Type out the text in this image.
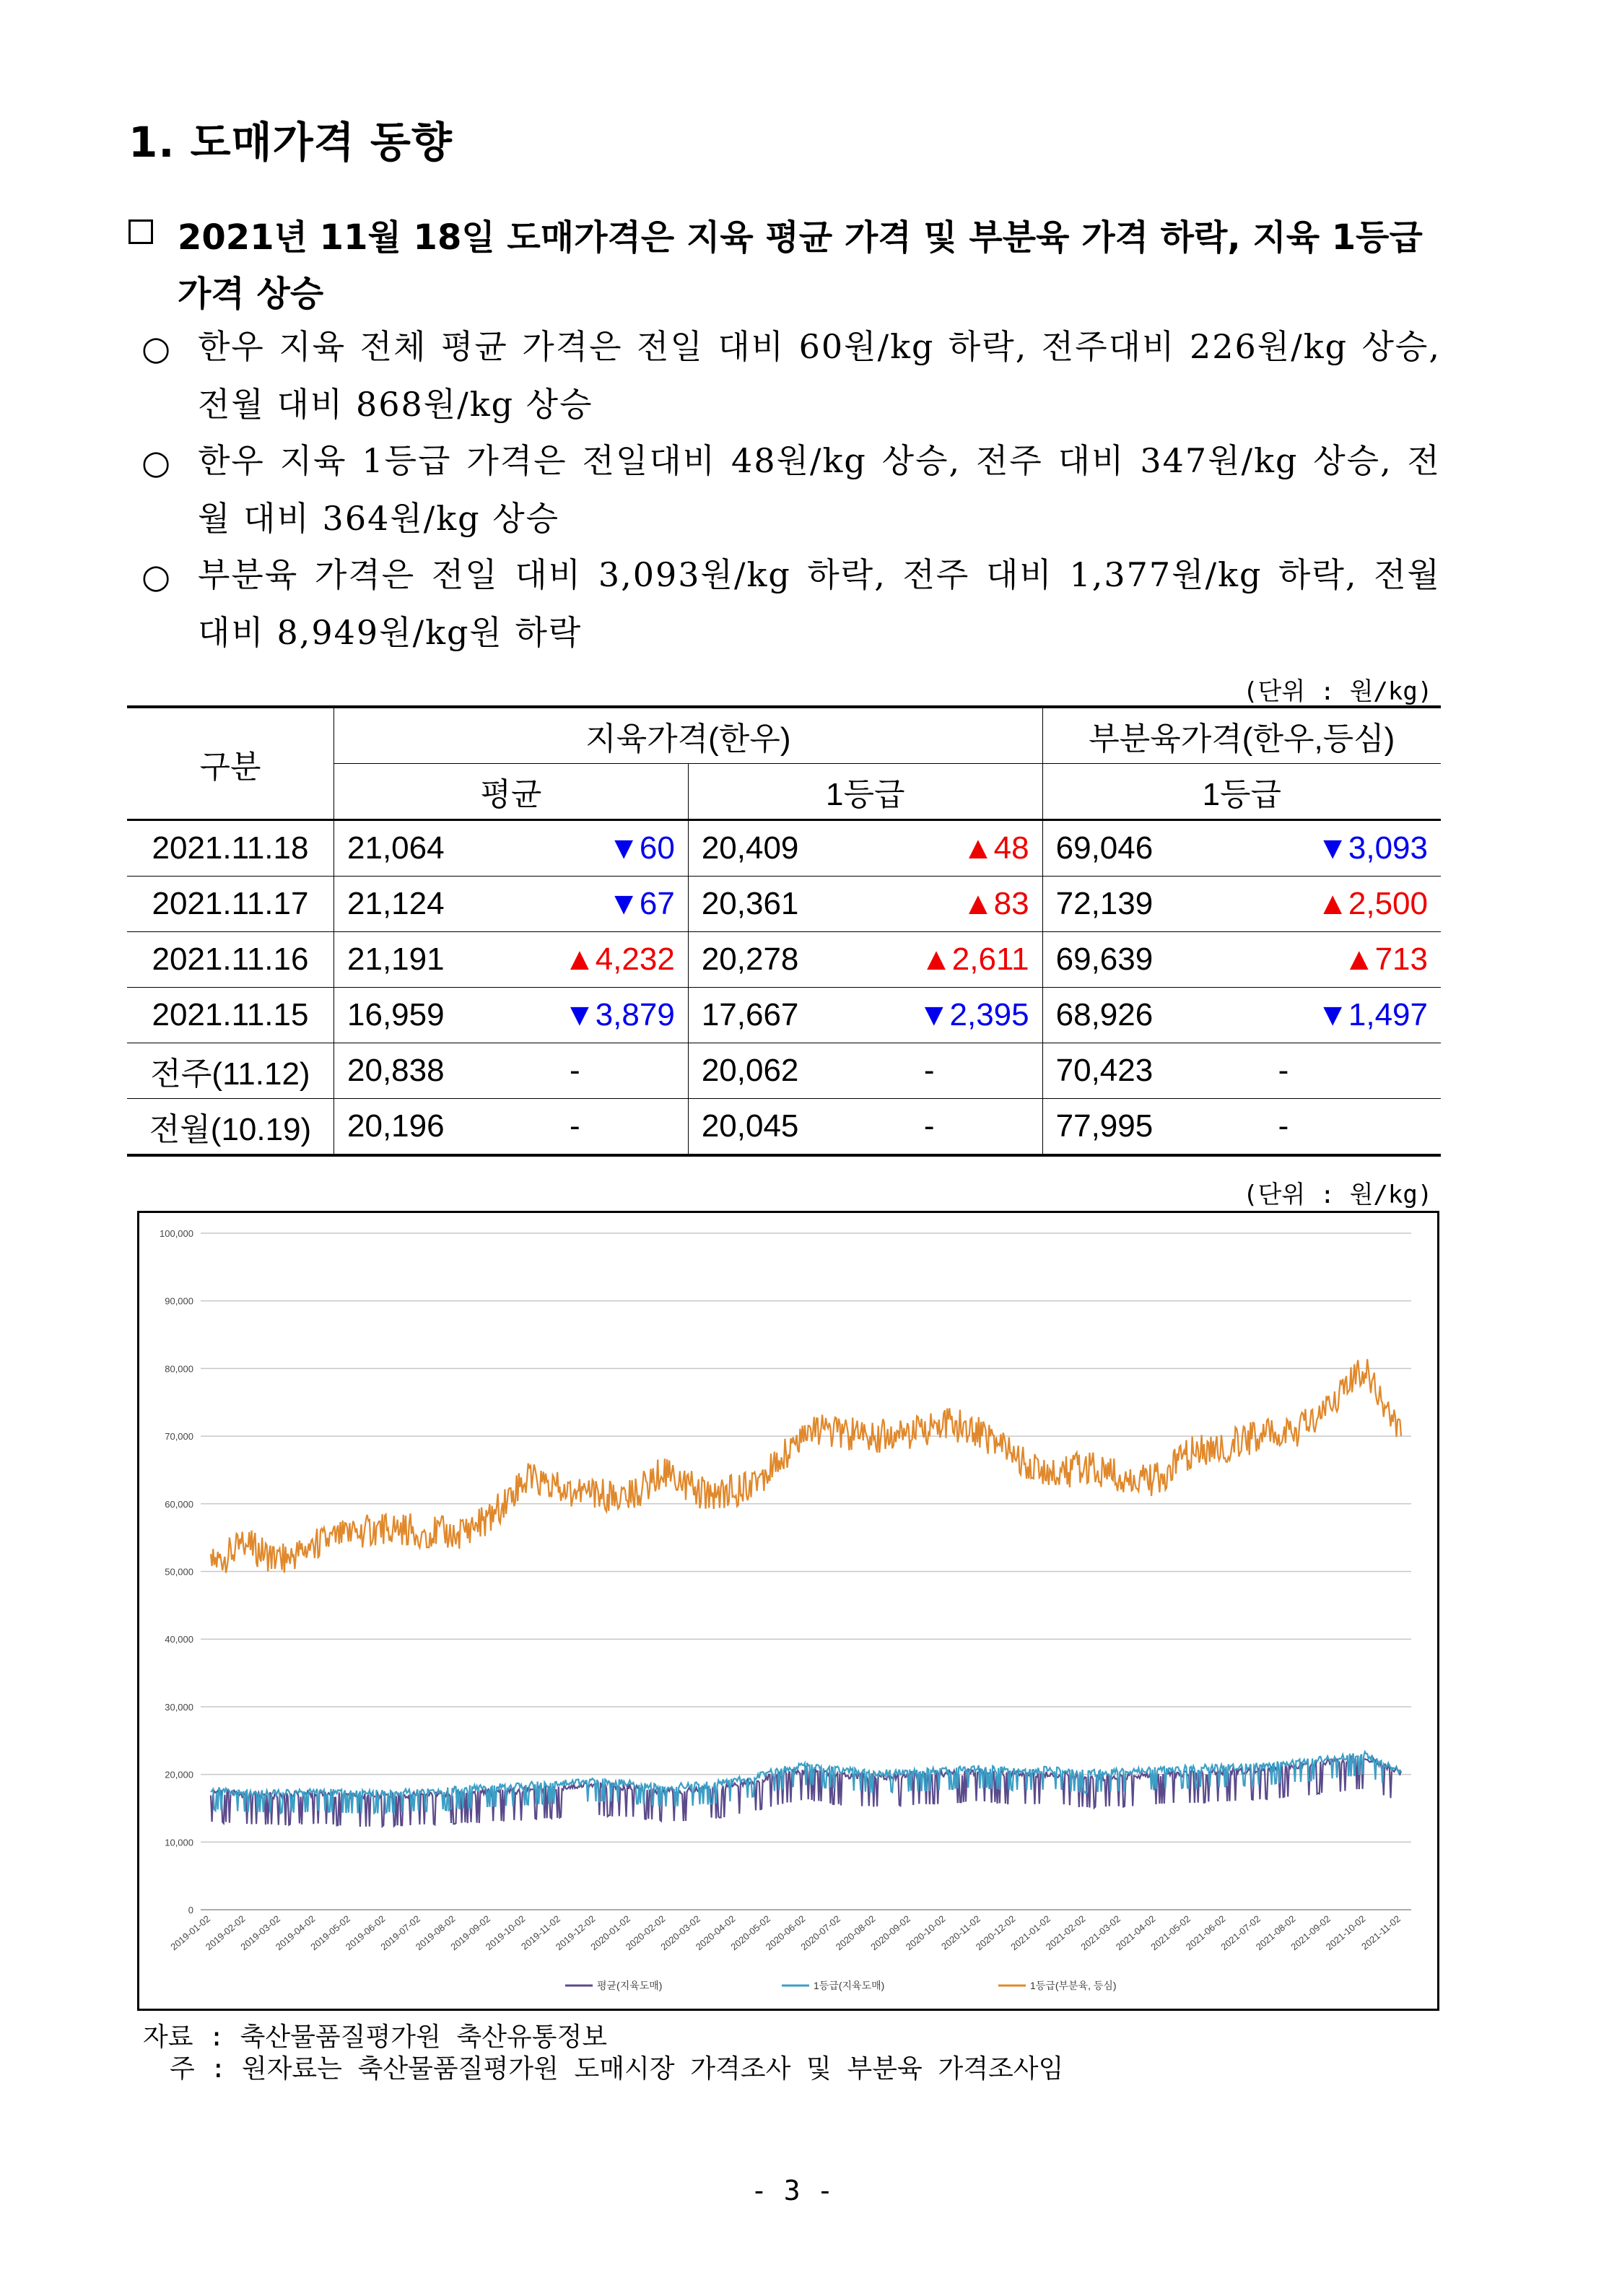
1. 도매가격 동향
2021년 11월 18일 도매가격은 지육 평균 가격 및 부분육 가격 하락, 지육 1등급 가격 상승
○ 한우 지육 전체 평균 가격은 전일 대비 60원/kg 하락, 전주대비 226원/kg 상승, 전월 대비 868원/kg 상승
○ 한우 지육 1등급 가격은 전일대비 48원/kg 상승, 전주 대비 347원/kg 상승, 전월 대비 364원/kg 상승
○ 부분육 가격은 전일 대비 3,093원/kg 하락, 전주 대비 1,377원/kg 하락, 전월 대비 8,949원/kg원 하락
(단위 : 원/kg)
구분	지육가격(한우)				부분육가격(한우,등심)	
	평균		1등급		1등급	
2021.11.18	21,064	▼60	20,409	▲48	69,046	▼3,093
2021.11.17	21,124	▼67	20,361	▲83	72,139	▲2,500
2021.11.16	21,191	▲4,232	20,278	▲2,611	69,639	▲713
2021.11.15	16,959	▼3,879	17,667	▼2,395	68,926	▼1,497
전주(11.12)	20,838	-	20,062	-	70,423	-
전월(10.19)	20,196	-	20,045	-	77,995	-
(단위 : 원/kg)
0
10,000
20,000
30,000
40,000
50,000
60,000
70,000
80,000
90,000
100,000
2019-01-02
2019-02-02
2019-03-02
2019-04-02
2019-05-02
2019-06-02
2019-07-02
2019-08-02
2019-09-02
2019-10-02
2019-11-02
2019-12-02
2020-01-02
2020-02-02
2020-03-02
2020-04-02
2020-05-02
2020-06-02
2020-07-02
2020-08-02
2020-09-02
2020-10-02
2020-11-02
2020-12-02
2021-01-02
2021-02-02
2021-03-02
2021-04-02
2021-05-02
2021-06-02
2021-07-02
2021-08-02
2021-09-02
2021-10-02
2021-11-02
평균(지육도매)	1등급(지육도매)	1등급(부분육, 등심)
자료 : 축산물품질평가원 축산유통정보
주 : 원자료는 축산물품질평가원 도매시장 가격조사 및 부분육 가격조사임
- 3 -
